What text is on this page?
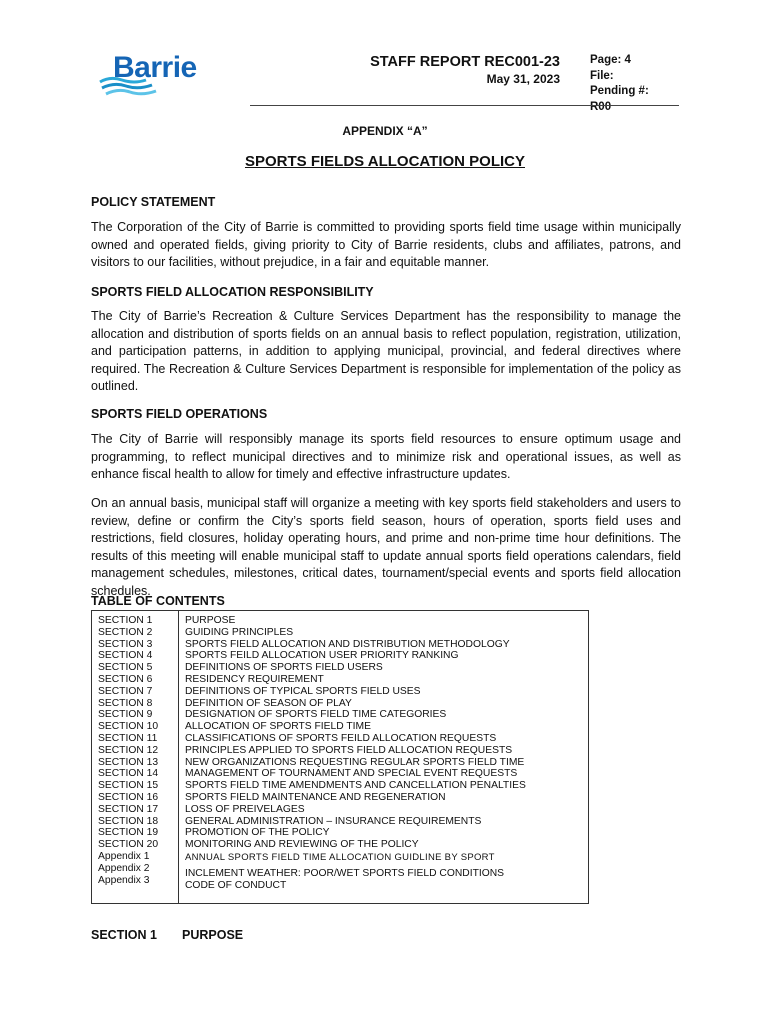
Barrie	STAFF REPORT REC001-23
May 31, 2023
Page: 4
File:
Pending #:
R00
APPENDIX “A”
SPORTS FIELDS ALLOCATION POLICY
POLICY STATEMENT
The Corporation of the City of Barrie is committed to providing sports field time usage within municipally owned and operated fields, giving priority to City of Barrie residents, clubs and affiliates, patrons, and visitors to our facilities, without prejudice, in a fair and equitable manner.
SPORTS FIELD ALLOCATION RESPONSIBILITY
The City of Barrie’s Recreation & Culture Services Department has the responsibility to manage the allocation and distribution of sports fields on an annual basis to reflect population, registration, utilization, and participation patterns, in addition to applying municipal, provincial, and federal directives where required. The Recreation & Culture Services Department is responsible for implementation of the policy as outlined.
SPORTS FIELD OPERATIONS
The City of Barrie will responsibly manage its sports field resources to ensure optimum usage and programming, to reflect municipal directives and to minimize risk and operational issues, as well as enhance fiscal health to allow for timely and effective infrastructure updates.
On an annual basis, municipal staff will organize a meeting with key sports field stakeholders and users to review, define or confirm the City’s sports field season, hours of operation, sports field uses and restrictions, field closures, holiday operating hours, and prime and non-prime time hour definitions. The results of this meeting will enable municipal staff to update annual sports field operations calendars, field management schedules, milestones, critical dates, tournament/special events and sports field allocation schedules.
TABLE OF CONTENTS
SECTION 1
SECTION 2
SECTION 3
SECTION 4
SECTION 5
SECTION 6
SECTION 7
SECTION 8
SECTION 9
SECTION 10
SECTION 11
SECTION 12
SECTION 13
SECTION 14
SECTION 15
SECTION 16
SECTION 17
SECTION 18
SECTION 19
SECTION 20
Appendix 1
Appendix 2
Appendix 3
PURPOSE
GUIDING PRINCIPLES
SPORTS FIELD ALLOCATION AND DISTRIBUTION METHODOLOGY
SPORTS FEILD ALLOCATION USER PRIORITY RANKING
DEFINITIONS OF SPORTS FIELD USERS
RESIDENCY REQUIREMENT
DEFINITIONS OF TYPICAL SPORTS FIELD USES
DEFINITION OF SEASON OF PLAY
DESIGNATION OF SPORTS FIELD TIME CATEGORIES
ALLOCATION OF SPORTS FIELD TIME
CLASSIFICATIONS OF SPORTS FEILD ALLOCATION REQUESTS
PRINCIPLES APPLIED TO SPORTS FIELD ALLOCATION REQUESTS
NEW ORGANIZATIONS REQUESTING REGULAR SPORTS FIELD TIME
MANAGEMENT OF TOURNAMENT AND SPECIAL EVENT REQUESTS
SPORTS FIELD TIME AMENDMENTS AND CANCELLATION PENALTIES
SPORTS FIELD MAINTENANCE AND REGENERATION
LOSS OF PREIVELAGES
GENERAL ADMINISTRATION – INSURANCE REQUIREMENTS
PROMOTION OF THE POLICY
MONITORING AND REVIEWING OF THE POLICY
ANNUAL SPORTS FIELD TIME ALLOCATION GUIDLINE BY SPORT
INCLEMENT WEATHER: POOR/WET SPORTS FIELD CONDITIONS
CODE OF CONDUCT
SECTION 1 PURPOSE
